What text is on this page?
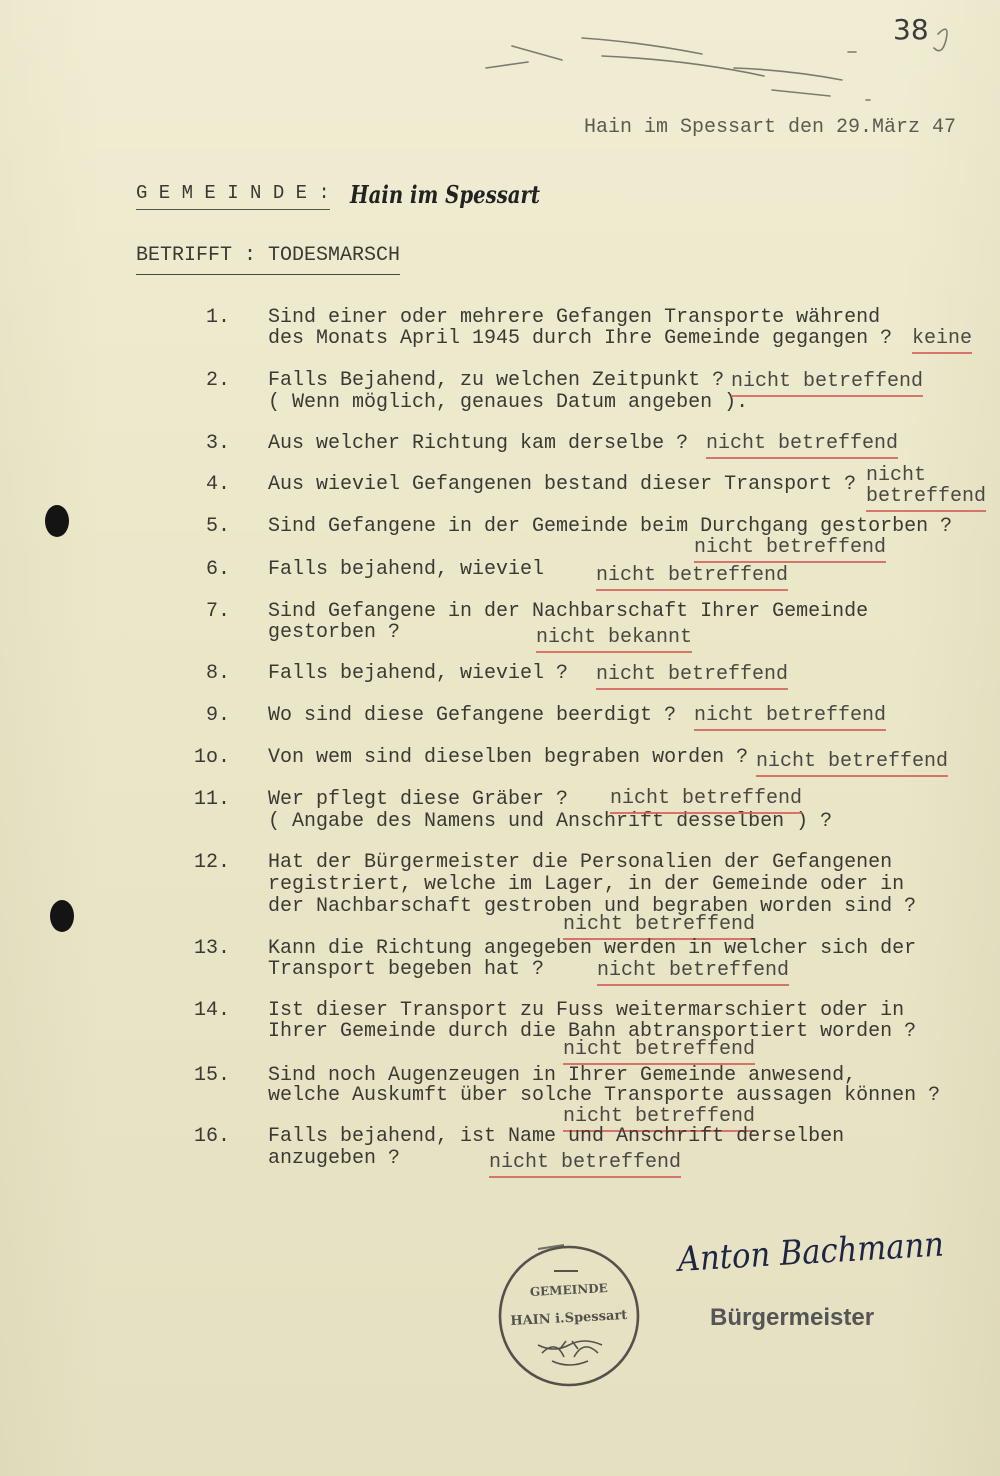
38
Hain im Spessart den 29.März 47
G E M E I N D E : Hain im Spessart
BETRIFFT : TODESMARSCH
1. Sind einer oder mehrere Gefangen Transporte während
des Monats April 1945 durch Ihre Gemeinde gegangen ? keine
2. Falls Bejahend, zu welchen Zeitpunkt ?
( Wenn möglich, genaues Datum angeben ).
nicht betreffend
3. Aus welcher Richtung kam derselbe ? nicht betreffend
4. Aus wieviel Gefangenen bestand dieser Transport ? nicht
betreffend
5. Sind Gefangene in der Gemeinde beim Durchgang gestorben ?
nicht betreffend
6. Falls bejahend, wieviel	nicht betreffend
7. Sind Gefangene in der Nachbarschaft Ihrer Gemeinde
gestorben ?	nicht bekannt
8. Falls bejahend, wieviel ? nicht betreffend
9. Wo sind diese Gefangene beerdigt ? nicht betreffend
1o. Von wem sind dieselben begraben worden ? nicht betreffend
11. Wer pflegt diese Gräber ?
( Angabe des Namens und Anschrift desselben ) ?
nicht betreffend
12. Hat der Bürgermeister die Personalien der Gefangenen
registriert, welche im Lager, in der Gemeinde oder in
der Nachbarschaft gestroben und begraben worden sind ?
nicht betreffend
13. Kann die Richtung angegeben werden in welcher sich der
Transport begeben hat ?	nicht betreffend
14. Ist dieser Transport zu Fuss weitermarschiert oder in
Ihrer Gemeinde durch die Bahn abtransportiert worden ?
nicht betreffend
15. Sind noch Augenzeugen in Ihrer Gemeinde anwesend,
welche Auskumft über solche Transporte aussagen können ?
nicht betreffend
16. Falls bejahend, ist Name und Anschrift derselben
anzugeben ?	nicht betreffend
GEMEINDE
HAIN i.Spessart
Anton Bachmann
Bürgermeister
